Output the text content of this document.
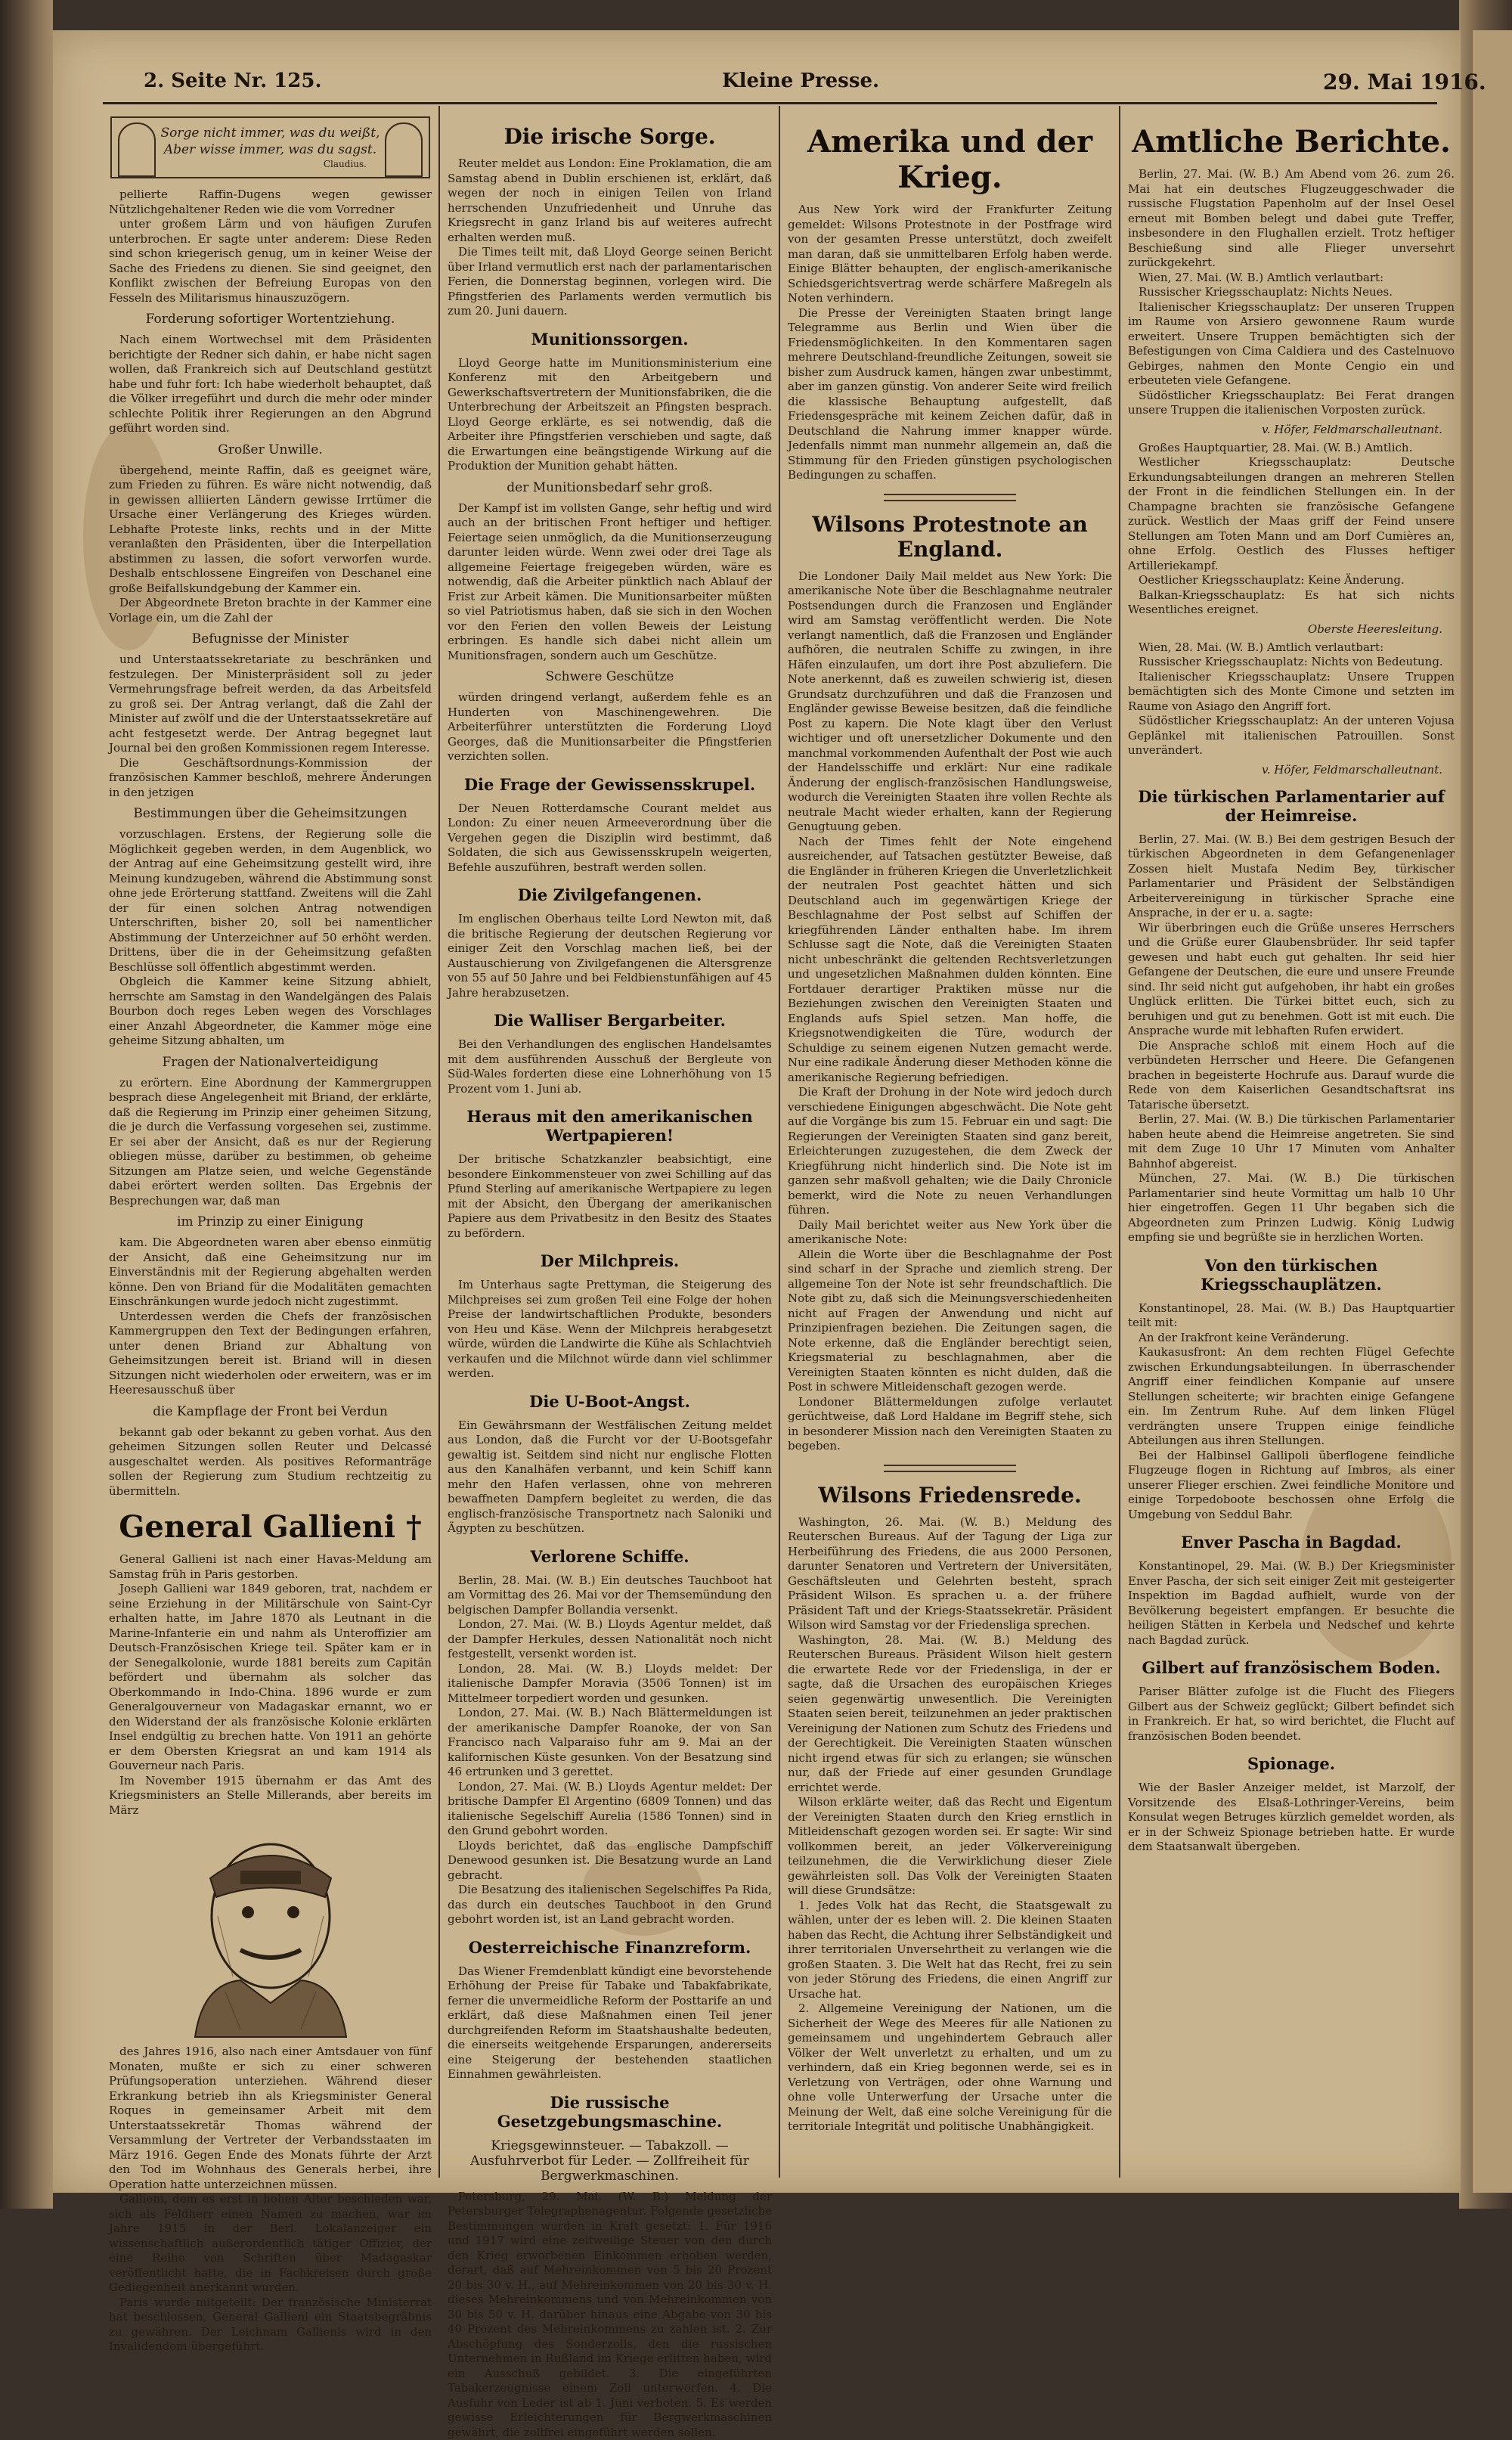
2. Seite Nr. 125.	Kleine Presse.	29. Mai 1916.
Sorge nicht immer, was du weißt,
Aber wisse immer, was du sagst.
Claudius.

pellierte Raffin-Dugens wegen gewisser Nützlichgehaltener Reden wie die vom Vorredner

unter großem Lärm und von häufigen Zurufen unterbrochen. Er sagte unter anderem: Diese Reden sind schon kriegerisch genug, um in keiner Weise der Sache des Friedens zu dienen. Sie sind geeignet, den Konflikt zwischen der Befreiung Europas von den Fesseln des Militarismus hinauszuzögern.

Forderung sofortiger Wortentziehung.

Nach einem Wortwechsel mit dem Präsidenten berichtigte der Redner sich dahin, er habe nicht sagen wollen, daß Frankreich sich auf Deutschland gestützt habe und fuhr fort: Ich habe wiederholt behauptet, daß die Völker irregeführt und durch die mehr oder minder schlechte Politik ihrer Regierungen an den Abgrund geführt worden sind.

Großer Unwille.

übergehend, meinte Raffin, daß es geeignet wäre, zum Frieden zu führen. Es wäre nicht notwendig, daß in gewissen alliierten Ländern gewisse Irrtümer die Ursache einer Verlängerung des Krieges würden. Lebhafte Proteste links, rechts und in der Mitte veranlaßten den Präsidenten, über die Interpellation abstimmen zu lassen, die sofort verworfen wurde. Deshalb entschlossene Eingreifen von Deschanel eine große Beifallskundgebung der Kammer ein.

Der Abgeordnete Breton brachte in der Kammer eine Vorlage ein, um die Zahl der

Befugnisse der Minister

und Unterstaatssekretariate zu beschränken und festzulegen. Der Ministerpräsident soll zu jeder Vermehrungsfrage befreit werden, da das Arbeitsfeld zu groß sei. Der Antrag verlangt, daß die Zahl der Minister auf zwölf und die der Unterstaatssekretäre auf acht festgesetzt werde. Der Antrag begegnet laut Journal bei den großen Kommissionen regem Interesse.

Die Geschäftsordnungs-Kommission der französischen Kammer beschloß, mehrere Änderungen in den jetzigen

Bestimmungen über die Geheimsitzungen

vorzuschlagen. Erstens, der Regierung solle die Möglichkeit gegeben werden, in dem Augenblick, wo der Antrag auf eine Geheimsitzung gestellt wird, ihre Meinung kundzugeben, während die Abstimmung sonst ohne jede Erörterung stattfand. Zweitens will die Zahl der für einen solchen Antrag notwendigen Unterschriften, bisher 20, soll bei namentlicher Abstimmung der Unterzeichner auf 50 erhöht werden. Drittens, über die in der Geheimsitzung gefaßten Beschlüsse soll öffentlich abgestimmt werden.

Obgleich die Kammer keine Sitzung abhielt, herrschte am Samstag in den Wandelgängen des Palais Bourbon doch reges Leben wegen des Vorschlages einer Anzahl Abgeordneter, die Kammer möge eine geheime Sitzung abhalten, um

Fragen der Nationalverteidigung

zu erörtern. Eine Abordnung der Kammergruppen besprach diese Angelegenheit mit Briand, der erklärte, daß die Regierung im Prinzip einer geheimen Sitzung, die je durch die Verfassung vorgesehen sei, zustimme. Er sei aber der Ansicht, daß es nur der Regierung obliegen müsse, darüber zu bestimmen, ob geheime Sitzungen am Platze seien, und welche Gegenstände dabei erörtert werden sollten. Das Ergebnis der Besprechungen war, daß man

im Prinzip zu einer Einigung

kam. Die Abgeordneten waren aber ebenso einmütig der Ansicht, daß eine Geheimsitzung nur im Einverständnis mit der Regierung abgehalten werden könne. Den von Briand für die Modalitäten gemachten Einschränkungen wurde jedoch nicht zugestimmt.

Unterdessen werden die Chefs der französischen Kammergruppen den Text der Bedingungen erfahren, unter denen Briand zur Abhaltung von Geheimsitzungen bereit ist. Briand will in diesen Sitzungen nicht wiederholen oder erweitern, was er im Heeresausschuß über

die Kampflage der Front bei Verdun

bekannt gab oder bekannt zu geben vorhat. Aus den geheimen Sitzungen sollen Reuter und Delcassé ausgeschaltet werden. Als positives Reformanträge sollen der Regierung zum Studium rechtzeitig zu übermitteln.

General Gallieni †

General Gallieni ist nach einer Havas-Meldung am Samstag früh in Paris gestorben.

Joseph Gallieni war 1849 geboren, trat, nachdem er seine Erziehung in der Militärschule von Saint-Cyr erhalten hatte, im Jahre 1870 als Leutnant in die Marine-Infanterie ein und nahm als Unteroffizier am Deutsch-Französischen Kriege teil. Später kam er in der Senegalkolonie, wurde 1881 bereits zum Capitän befördert und übernahm als solcher das Oberkommando in Indo-China. 1896 wurde er zum Generalgouverneur von Madagaskar ernannt, wo er den Widerstand der als französische Kolonie erklärten Insel endgültig zu brechen hatte. Von 1911 an gehörte er dem Obersten Kriegsrat an und kam 1914 als Gouverneur nach Paris.

Im November 1915 übernahm er das Amt des Kriegsministers an Stelle Millerands, aber bereits im März

des Jahres 1916, also nach einer Amtsdauer von fünf Monaten, mußte er sich zu einer schweren Prüfungsoperation unterziehen. Während dieser Erkrankung betrieb ihn als Kriegsminister General Roques in gemeinsamer Arbeit mit dem Unterstaatssekretär Thomas während der Versammlung der Vertreter der Verbandsstaaten im März 1916. Gegen Ende des Monats führte der Arzt den Tod im Wohnhaus des Generals herbei, ihre Operation hatte unterzeichnen müssen.

Gallieni, dem es erst in hohen Alter beschieden war, sich als Feldherr einen Namen zu machen, war im Jahre 1915 in der Berl. Lokalanzeiger ein wissenschaftlich außerordentlich tätiger Offizier, der eine Reihe von Schriften über Madagaskar veröffentlicht hatte, die in Fachkreisen durch große Gediegenheit anerkannt wurden.

Paris wurde mitgeteilt: Der französische Ministerrat hat beschlossen, General Gallieni ein Staatsbegräbnis zu gewähren. Der Leichnam Gallienis wird in den Invalidendom übergeführt.

Die irische Sorge.

Reuter meldet aus London: Eine Proklamation, die am Samstag abend in Dublin erschienen ist, erklärt, daß wegen der noch in einigen Teilen von Irland herrschenden Unzufriedenheit und Unruhe das Kriegsrecht in ganz Irland bis auf weiteres aufrecht erhalten werden muß.

Die Times teilt mit, daß Lloyd George seinen Bericht über Irland vermutlich erst nach der parlamentarischen Ferien, die Donnerstag beginnen, vorlegen wird. Die Pfingstferien des Parlaments werden vermutlich bis zum 20. Juni dauern.

Munitionssorgen.

Lloyd George hatte im Munitionsministerium eine Konferenz mit den Arbeitgebern und Gewerkschaftsvertretern der Munitionsfabriken, die die Unterbrechung der Arbeitszeit an Pfingsten besprach. Lloyd George erklärte, es sei notwendig, daß die Arbeiter ihre Pfingstferien verschieben und sagte, daß die Erwartungen eine beängstigende Wirkung auf die Produktion der Munition gehabt hätten.

der Munitionsbedarf sehr groß.

Der Kampf ist im vollsten Gange, sehr heftig und wird auch an der britischen Front heftiger und heftiger. Feiertage seien unmöglich, da die Munitionserzeugung darunter leiden würde. Wenn zwei oder drei Tage als allgemeine Feiertage freigegeben würden, wäre es notwendig, daß die Arbeiter pünktlich nach Ablauf der Frist zur Arbeit kämen. Die Munitionsarbeiter müßten so viel Patriotismus haben, daß sie sich in den Wochen vor den Ferien den vollen Beweis der Leistung erbringen. Es handle sich dabei nicht allein um Munitionsfragen, sondern auch um Geschütze.

Schwere Geschütze

würden dringend verlangt, außerdem fehle es an Hunderten von Maschinengewehren. Die Arbeiterführer unterstützten die Forderung Lloyd Georges, daß die Munitionsarbeiter die Pfingstferien verzichten sollen.

Die Frage der Gewissensskrupel.

Der Neuen Rotterdamsche Courant meldet aus London: Zu einer neuen Armeeverordnung über die Vergehen gegen die Disziplin wird bestimmt, daß Soldaten, die sich aus Gewissensskrupeln weigerten, Befehle auszuführen, bestraft werden sollen.

Die Zivilgefangenen.

Im englischen Oberhaus teilte Lord Newton mit, daß die britische Regierung der deutschen Regierung vor einiger Zeit den Vorschlag machen ließ, bei der Austauschierung von Zivilgefangenen die Altersgrenze von 55 auf 50 Jahre und bei Feldbienstunfähigen auf 45 Jahre herabzusetzen.

Die Walliser Bergarbeiter.

Bei den Verhandlungen des englischen Handelsamtes mit dem ausführenden Ausschuß der Bergleute von Süd-Wales forderten diese eine Lohnerhöhung von 15 Prozent vom 1. Juni ab.

Heraus mit den amerikanischen Wertpapieren!

Der britische Schatzkanzler beabsichtigt, eine besondere Einkommensteuer von zwei Schilling auf das Pfund Sterling auf amerikanische Wertpapiere zu legen mit der Absicht, den Übergang der amerikanischen Papiere aus dem Privatbesitz in den Besitz des Staates zu befördern.

Der Milchpreis.

Im Unterhaus sagte Prettyman, die Steigerung des Milchpreises sei zum großen Teil eine Folge der hohen Preise der landwirtschaftlichen Produkte, besonders von Heu und Käse. Wenn der Milchpreis herabgesetzt würde, würden die Landwirte die Kühe als Schlachtvieh verkaufen und die Milchnot würde dann viel schlimmer werden.

Die U-Boot-Angst.

Ein Gewährsmann der Westfälischen Zeitung meldet aus London, daß die Furcht vor der U-Bootsgefahr gewaltig ist. Seitdem sind nicht nur englische Flotten aus den Kanalhäfen verbannt, und kein Schiff kann mehr den Hafen verlassen, ohne von mehreren bewaffneten Dampfern begleitet zu werden, die das englisch-französische Transportnetz nach Saloniki und Ägypten zu beschützen.

Verlorene Schiffe.

Berlin, 28. Mai. (W. B.) Ein deutsches Tauchboot hat am Vormittag des 26. Mai vor der Themsemündung den belgischen Dampfer Bollandia versenkt.

London, 27. Mai. (W. B.) Lloyds Agentur meldet, daß der Dampfer Herkules, dessen Nationalität noch nicht festgestellt, versenkt worden ist.

London, 28. Mai. (W. B.) Lloyds meldet: Der italienische Dampfer Moravia (3506 Tonnen) ist im Mittelmeer torpediert worden und gesunken.

London, 27. Mai. (W. B.) Nach Blättermeldungen ist der amerikanische Dampfer Roanoke, der von San Francisco nach Valparaiso fuhr am 9. Mai an der kalifornischen Küste gesunken. Von der Besatzung sind 46 ertrunken und 3 gerettet.

London, 27. Mai. (W. B.) Lloyds Agentur meldet: Der britische Dampfer El Argentino (6809 Tonnen) und das italienische Segelschiff Aurelia (1586 Tonnen) sind in den Grund gebohrt worden.

Lloyds berichtet, daß das englische Dampfschiff Denewood gesunken ist. Die Besatzung wurde an Land gebracht.

Die Besatzung des italienischen Segelschiffes Pa Rida, das durch ein deutsches Tauchboot in den Grund gebohrt worden ist, ist an Land gebracht worden.

Oesterreichische Finanzreform.

Das Wiener Fremdenblatt kündigt eine bevorstehende Erhöhung der Preise für Tabake und Tabakfabrikate, ferner die unvermeidliche Reform der Posttarife an und erklärt, daß diese Maßnahmen einen Teil jener durchgreifenden Reform im Staatshaushalte bedeuten, die einerseits weitgehende Ersparungen, andererseits eine Steigerung der bestehenden staatlichen Einnahmen gewährleisten.

Die russische Gesetzgebungsmaschine.
Kriegsgewinnsteuer. — Tabakzoll. — Ausfuhrverbot für Leder. — Zollfreiheit für Bergwerkmaschinen.

Petersburg, 29. Mai. (W. B.) Meldung der Petersburger Telegraphenagentur. Folgende gesetzliche Bestimmungen wurden in Kraft gesetzt: 1. Für 1916 und 1917 wird eine zeitweilige Steuer von den durch den Krieg erworbenen Einkommen erhoben werden, derart, daß auf Mehreinkommen von 5 bis 20 Prozent 20 bis 30 v. H., auf Mehreinkommen von 20 bis 30 v. H. dieses Mehreinkommens und von Mehreinkommen von 30 bis 50 v. H. darüber hinaus eine Abgabe von 30 bis 40 Prozent des Mehreinkommens zu zahlen ist. 2. Zur Abschöpfung des Sonderzolls, den die russischen Unternehmen in Rußland im Kriege erlitten haben, wird ein Ausschuß gebildet. 3. Die eingeführten Tabakerzeugnisse einem Zoll unterworfen. 4. Die Ausfuhr von Leder ist ab 1. Juni verboten. 5. Es werden gewisse Erleichterungen für Bergwerkmaschinen gewährt, die zollfrei eingeführt werden sollen.

Amerika und der Krieg.

Aus New York wird der Frankfurter Zeitung gemeldet: Wilsons Protestnote in der Postfrage wird von der gesamten Presse unterstützt, doch zweifelt man daran, daß sie unmittelbaren Erfolg haben werde. Einige Blätter behaupten, der englisch-amerikanische Schiedsgerichtsvertrag werde schärfere Maßregeln als Noten verhindern.

Die Presse der Vereinigten Staaten bringt lange Telegramme aus Berlin und Wien über die Friedensmöglichkeiten. In den Kommentaren sagen mehrere Deutschland-freundliche Zeitungen, soweit sie bisher zum Ausdruck kamen, hängen zwar unbestimmt, aber im ganzen günstig. Von anderer Seite wird freilich die klassische Behauptung aufgestellt, daß Friedensgespräche mit keinem Zeichen dafür, daß in Deutschland die Nahrung immer knapper würde. Jedenfalls nimmt man nunmehr allgemein an, daß die Stimmung für den Frieden günstigen psychologischen Bedingungen zu schaffen.

Wilsons Protestnote an England.

Die Londoner Daily Mail meldet aus New York: Die amerikanische Note über die Beschlagnahme neutraler Postsendungen durch die Franzosen und Engländer wird am Samstag veröffentlicht werden. Die Note verlangt namentlich, daß die Franzosen und Engländer aufhören, die neutralen Schiffe zu zwingen, in ihre Häfen einzulaufen, um dort ihre Post abzuliefern. Die Note anerkennt, daß es zuweilen schwierig ist, diesen Grundsatz durchzuführen und daß die Franzosen und Engländer gewisse Beweise besitzen, daß die feindliche Post zu kapern. Die Note klagt über den Verlust wichtiger und oft unersetzlicher Dokumente und den manchmal vorkommenden Aufenthalt der Post wie auch der Handelsschiffe und erklärt: Nur eine radikale Änderung der englisch-französischen Handlungsweise, wodurch die Vereinigten Staaten ihre vollen Rechte als neutrale Macht wieder erhalten, kann der Regierung Genugtuung geben.

Nach der Times fehlt der Note eingehend ausreichender, auf Tatsachen gestützter Beweise, daß die Engländer in früheren Kriegen die Unverletzlichkeit der neutralen Post geachtet hätten und sich Deutschland auch im gegenwärtigen Kriege der Beschlagnahme der Post selbst auf Schiffen der kriegführenden Länder enthalten habe. Im ihrem Schlusse sagt die Note, daß die Vereinigten Staaten nicht unbeschränkt die geltenden Rechtsverletzungen und ungesetzlichen Maßnahmen dulden könnten. Eine Fortdauer derartiger Praktiken müsse nur die Beziehungen zwischen den Vereinigten Staaten und Englands aufs Spiel setzen. Man hoffe, die Kriegsnotwendigkeiten die Türe, wodurch der Schuldige zu seinem eigenen Nutzen gemacht werde. Nur eine radikale Änderung dieser Methoden könne die amerikanische Regierung befriedigen.

Die Kraft der Drohung in der Note wird jedoch durch verschiedene Einigungen abgeschwächt. Die Note geht auf die Vorgänge bis zum 15. Februar ein und sagt: Die Regierungen der Vereinigten Staaten sind ganz bereit, Erleichterungen zuzugestehen, die dem Zweck der Kriegführung nicht hinderlich sind. Die Note ist im ganzen sehr maßvoll gehalten; wie die Daily Chronicle bemerkt, wird die Note zu neuen Verhandlungen führen.

Daily Mail berichtet weiter aus New York über die amerikanische Note:

Allein die Worte über die Beschlagnahme der Post sind scharf in der Sprache und ziemlich streng. Der allgemeine Ton der Note ist sehr freundschaftlich. Die Note gibt zu, daß sich die Meinungsverschiedenheiten nicht auf Fragen der Anwendung und nicht auf Prinzipienfragen beziehen. Die Zeitungen sagen, die Note erkenne, daß die Engländer berechtigt seien, Kriegsmaterial zu beschlagnahmen, aber die Vereinigten Staaten könnten es nicht dulden, daß die Post in schwere Mitleidenschaft gezogen werde.

Londoner Blättermeldungen zufolge verlautet gerüchtweise, daß Lord Haldane im Begriff stehe, sich in besonderer Mission nach den Vereinigten Staaten zu begeben.

Wilsons Friedensrede.

Washington, 26. Mai. (W. B.) Meldung des Reuterschen Bureaus. Auf der Tagung der Liga zur Herbeiführung des Friedens, die aus 2000 Personen, darunter Senatoren und Vertretern der Universitäten, Geschäftsleuten und Gelehrten besteht, sprach Präsident Wilson. Es sprachen u. a. der frühere Präsident Taft und der Kriegs-Staatssekretär. Präsident Wilson wird Samstag vor der Friedensliga sprechen.

Washington, 28. Mai. (W. B.) Meldung des Reuterschen Bureaus. Präsident Wilson hielt gestern die erwartete Rede vor der Friedensliga, in der er sagte, daß die Ursachen des europäischen Krieges seien gegenwärtig unwesentlich. Die Vereinigten Staaten seien bereit, teilzunehmen an jeder praktischen Vereinigung der Nationen zum Schutz des Friedens und der Gerechtigkeit. Die Vereinigten Staaten wünschen nicht irgend etwas für sich zu erlangen; sie wünschen nur, daß der Friede auf einer gesunden Grundlage errichtet werde.

Wilson erklärte weiter, daß das Recht und Eigentum der Vereinigten Staaten durch den Krieg ernstlich in Mitleidenschaft gezogen worden sei. Er sagte: Wir sind vollkommen bereit, an jeder Völkervereinigung teilzunehmen, die die Verwirklichung dieser Ziele gewährleisten soll. Das Volk der Vereinigten Staaten will diese Grundsätze:

1. Jedes Volk hat das Recht, die Staatsgewalt zu wählen, unter der es leben will. 2. Die kleinen Staaten haben das Recht, die Achtung ihrer Selbständigkeit und ihrer territorialen Unversehrtheit zu verlangen wie die großen Staaten. 3. Die Welt hat das Recht, frei zu sein von jeder Störung des Friedens, die einen Angriff zur Ursache hat.

2. Allgemeine Vereinigung der Nationen, um die Sicherheit der Wege des Meeres für alle Nationen zu gemeinsamem und ungehindertem Gebrauch aller Völker der Welt unverletzt zu erhalten, und um zu verhindern, daß ein Krieg begonnen werde, sei es in Verletzung von Verträgen, oder ohne Warnung und ohne volle Unterwerfung der Ursache unter die Meinung der Welt, daß eine solche Vereinigung für die territoriale Integrität und politische Unabhängigkeit.

Amtliche Berichte.

Berlin, 27. Mai. (W. B.) Am Abend vom 26. zum 26. Mai hat ein deutsches Flugzeuggeschwader die russische Flugstation Papenholm auf der Insel Oesel erneut mit Bomben belegt und dabei gute Treffer, insbesondere in den Flughallen erzielt. Trotz heftiger Beschießung sind alle Flieger unversehrt zurückgekehrt.

Wien, 27. Mai. (W. B.) Amtlich verlautbart:

Russischer Kriegsschauplatz: Nichts Neues.

Italienischer Kriegsschauplatz: Der unseren Truppen im Raume von Arsiero gewonnene Raum wurde erweitert. Unsere Truppen bemächtigten sich der Befestigungen von Cima Caldiera und des Castelnuovo Gebirges, nahmen den Monte Cengio ein und erbeuteten viele Gefangene.

Südöstlicher Kriegsschauplatz: Bei Ferat drangen unsere Truppen die italienischen Vorposten zurück.

v. Höfer, Feldmarschalleutnant.

Großes Hauptquartier, 28. Mai. (W. B.) Amtlich.

Westlicher Kriegsschauplatz: Deutsche Erkundungsabteilungen drangen an mehreren Stellen der Front in die feindlichen Stellungen ein. In der Champagne brachten sie französische Gefangene zurück. Westlich der Maas griff der Feind unsere Stellungen am Toten Mann und am Dorf Cumières an, ohne Erfolg. Oestlich des Flusses heftiger Artilleriekampf.

Oestlicher Kriegsschauplatz: Keine Änderung.

Balkan-Kriegsschauplatz: Es hat sich nichts Wesentliches ereignet.

Oberste Heeresleitung.

Wien, 28. Mai. (W. B.) Amtlich verlautbart:

Russischer Kriegsschauplatz: Nichts von Bedeutung.

Italienischer Kriegsschauplatz: Unsere Truppen bemächtigten sich des Monte Cimone und setzten im Raume von Asiago den Angriff fort.

Südöstlicher Kriegsschauplatz: An der unteren Vojusa Geplänkel mit italienischen Patrouillen. Sonst unverändert.

v. Höfer, Feldmarschalleutnant.
Die türkischen Parlamentarier auf der Heimreise.

Berlin, 27. Mai. (W. B.) Bei dem gestrigen Besuch der türkischen Abgeordneten in dem Gefangenenlager Zossen hielt Mustafa Nedim Bey, türkischer Parlamentarier und Präsident der Selbständigen Arbeitervereinigung in türkischer Sprache eine Ansprache, in der er u. a. sagte:

Wir überbringen euch die Grüße unseres Herrschers und die Grüße eurer Glaubensbrüder. Ihr seid tapfer gewesen und habt euch gut gehalten. Ihr seid hier Gefangene der Deutschen, die eure und unsere Freunde sind. Ihr seid nicht gut aufgehoben, ihr habt ein großes Unglück erlitten. Die Türkei bittet euch, sich zu beruhigen und gut zu benehmen. Gott ist mit euch. Die Ansprache wurde mit lebhaften Rufen erwidert.

Die Ansprache schloß mit einem Hoch auf die verbündeten Herrscher und Heere. Die Gefangenen brachen in begeisterte Hochrufe aus. Darauf wurde die Rede von dem Kaiserlichen Gesandtschaftsrat ins Tatarische übersetzt.

Berlin, 27. Mai. (W. B.) Die türkischen Parlamentarier haben heute abend die Heimreise angetreten. Sie sind mit dem Zuge 10 Uhr 17 Minuten vom Anhalter Bahnhof abgereist.

München, 27. Mai. (W. B.) Die türkischen Parlamentarier sind heute Vormittag um halb 10 Uhr hier eingetroffen. Gegen 11 Uhr begaben sich die Abgeordneten zum Prinzen Ludwig. König Ludwig empfing sie und begrüßte sie in herzlichen Worten.

Von den türkischen Kriegsschauplätzen.

Konstantinopel, 28. Mai. (W. B.) Das Hauptquartier teilt mit:

An der Irakfront keine Veränderung.

Kaukasusfront: An dem rechten Flügel Gefechte zwischen Erkundungsabteilungen. In überraschender Angriff einer feindlichen Kompanie auf unsere Stellungen scheiterte; wir brachten einige Gefangene ein. Im Zentrum Ruhe. Auf dem linken Flügel verdrängten unsere Truppen einige feindliche Abteilungen aus ihren Stellungen.

Bei der Halbinsel Gallipoli überflogene feindliche Flugzeuge flogen in Richtung auf Imbros, als einer unserer Flieger erschien. Zwei feindliche Monitore und einige Torpedoboote beschossen ohne Erfolg die Umgebung von Seddul Bahr.

Enver Pascha in Bagdad.

Konstantinopel, 29. Mai. (W. B.) Der Kriegsminister Enver Pascha, der sich seit einiger Zeit mit gesteigerter Inspektion im Bagdad aufhielt, wurde von der Bevölkerung begeistert empfangen. Er besuchte die heiligen Stätten in Kerbela und Nedschef und kehrte nach Bagdad zurück.

Gilbert auf französischem Boden.

Pariser Blätter zufolge ist die Flucht des Fliegers Gilbert aus der Schweiz geglückt; Gilbert befindet sich in Frankreich. Er hat, so wird berichtet, die Flucht auf französischen Boden beendet.

Spionage.

Wie der Basler Anzeiger meldet, ist Marzolf, der Vorsitzende des Elsaß-Lothringer-Vereins, beim Konsulat wegen Betruges kürzlich gemeldet worden, als er in der Schweiz Spionage betrieben hatte. Er wurde dem Staatsanwalt übergeben.
